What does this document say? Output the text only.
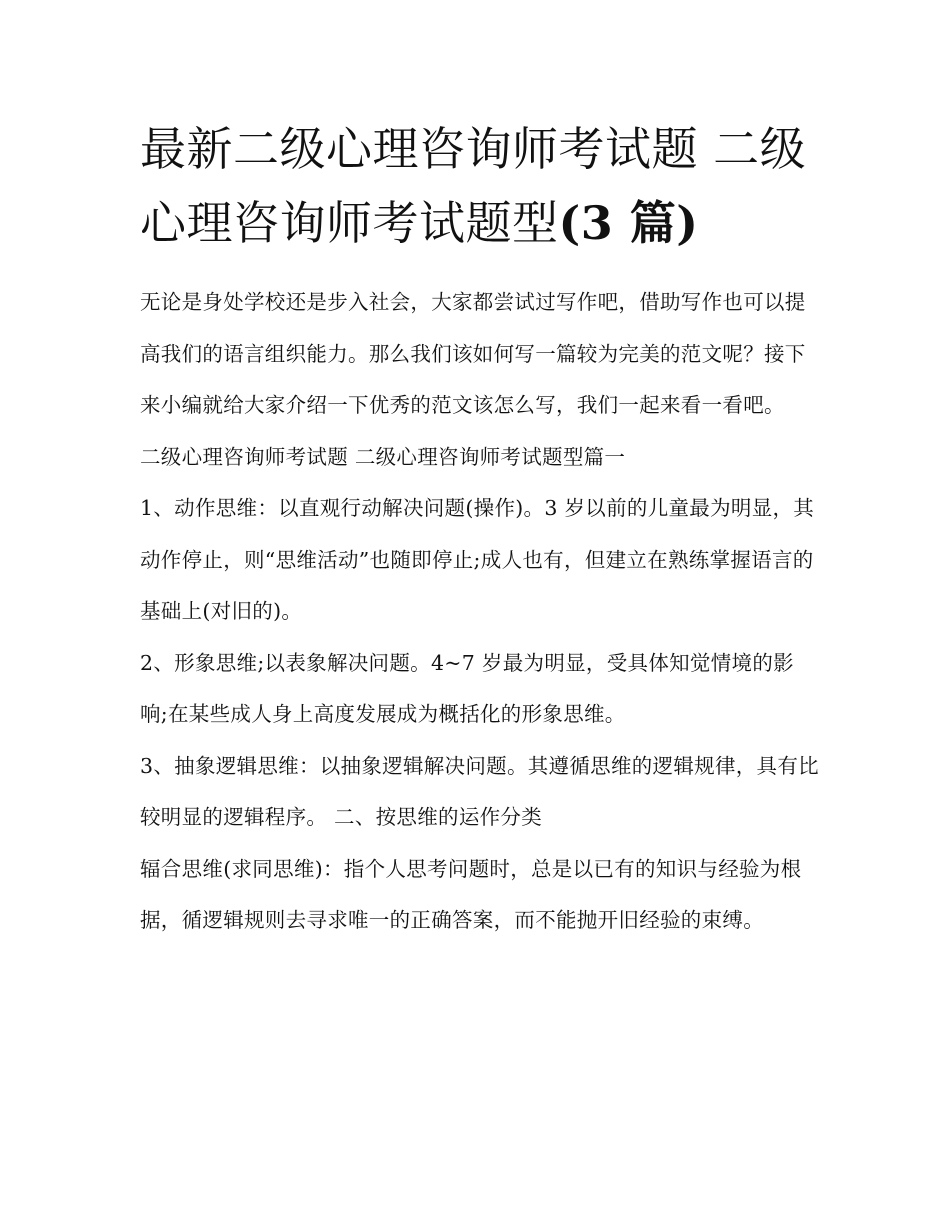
最新二级心理咨询师考试题 二级心理咨询师考试题型(3 篇)

无论是身处学校还是步入社会，大家都尝试过写作吧，借助写作也可以提高我们的语言组织能力。那么我们该如何写一篇较为完美的范文呢？接下来小编就给大家介绍一下优秀的范文该怎么写，我们一起来看一看吧。

二级心理咨询师考试题 二级心理咨询师考试题型篇一

1、动作思维：以直观行动解决问题(操作)。3 岁以前的儿童最为明显，其动作停止，则“思维活动”也随即停止;成人也有，但建立在熟练掌握语言的基础上(对旧的)。

2、形象思维;以表象解决问题。4~7 岁最为明显，受具体知觉情境的影响;在某些成人身上高度发展成为概括化的形象思维。

3、抽象逻辑思维：以抽象逻辑解决问题。其遵循思维的逻辑规律，具有比较明显的逻辑程序。 二、按思维的运作分类

辐合思维(求同思维)：指个人思考问题时，总是以已有的知识与经验为根据，循逻辑规则去寻求唯一的正确答案，而不能抛开旧经验的束缚。
